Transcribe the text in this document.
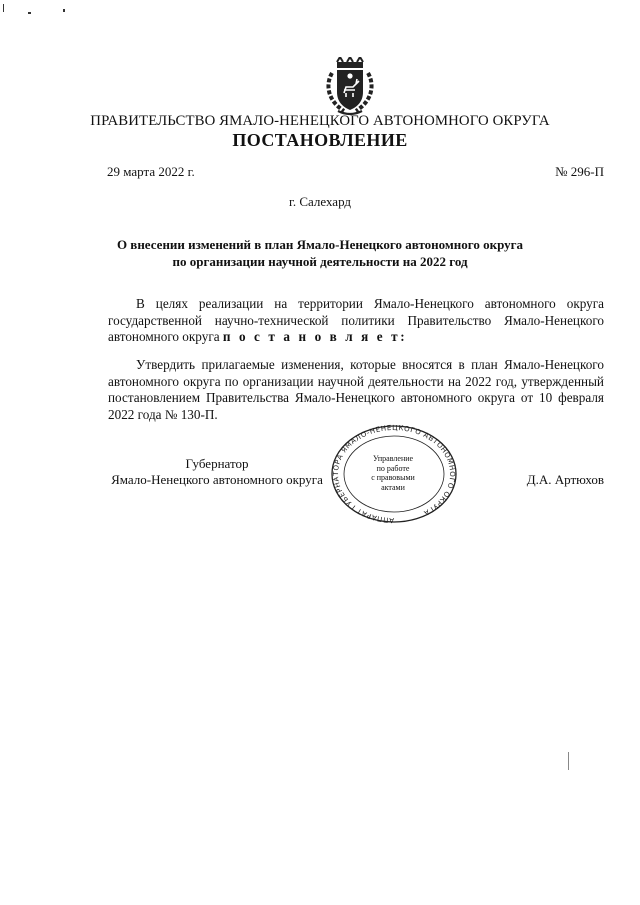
ПРАВИТЕЛЬСТВО ЯМАЛО-НЕНЕЦКОГО АВТОНОМНОГО ОКРУГА
ПОСТАНОВЛЕНИЕ
29 марта 2022 г.	№ 296-П
г. Салехард
О внесении изменений в план Ямало-Ненецкого автономного округа
по организации научной деятельности на 2022 год
В целях реализации на территории Ямало-Ненецкого автономного округа государственной научно-технической политики Правительство Ямало-Ненецкого автономного округа п о с т а н о в л я е т:
Утвердить прилагаемые изменения, которые вносятся в план Ямало-Ненецкого автономного округа по организации научной деятельности на 2022 год, утвержденный постановлением Правительства Ямало-Ненецкого автономного округа от 10 февраля 2022 года № 130-П.
Губернатор
Ямало-Ненецкого автономного округа
АППАРАТ ГУБЕРНАТОРА ЯМАЛО-НЕНЕЦКОГО АВТОНОМНОГО ОКРУГА
Управление
по работе
с правовыми
актами	Д.А. Артюхов
